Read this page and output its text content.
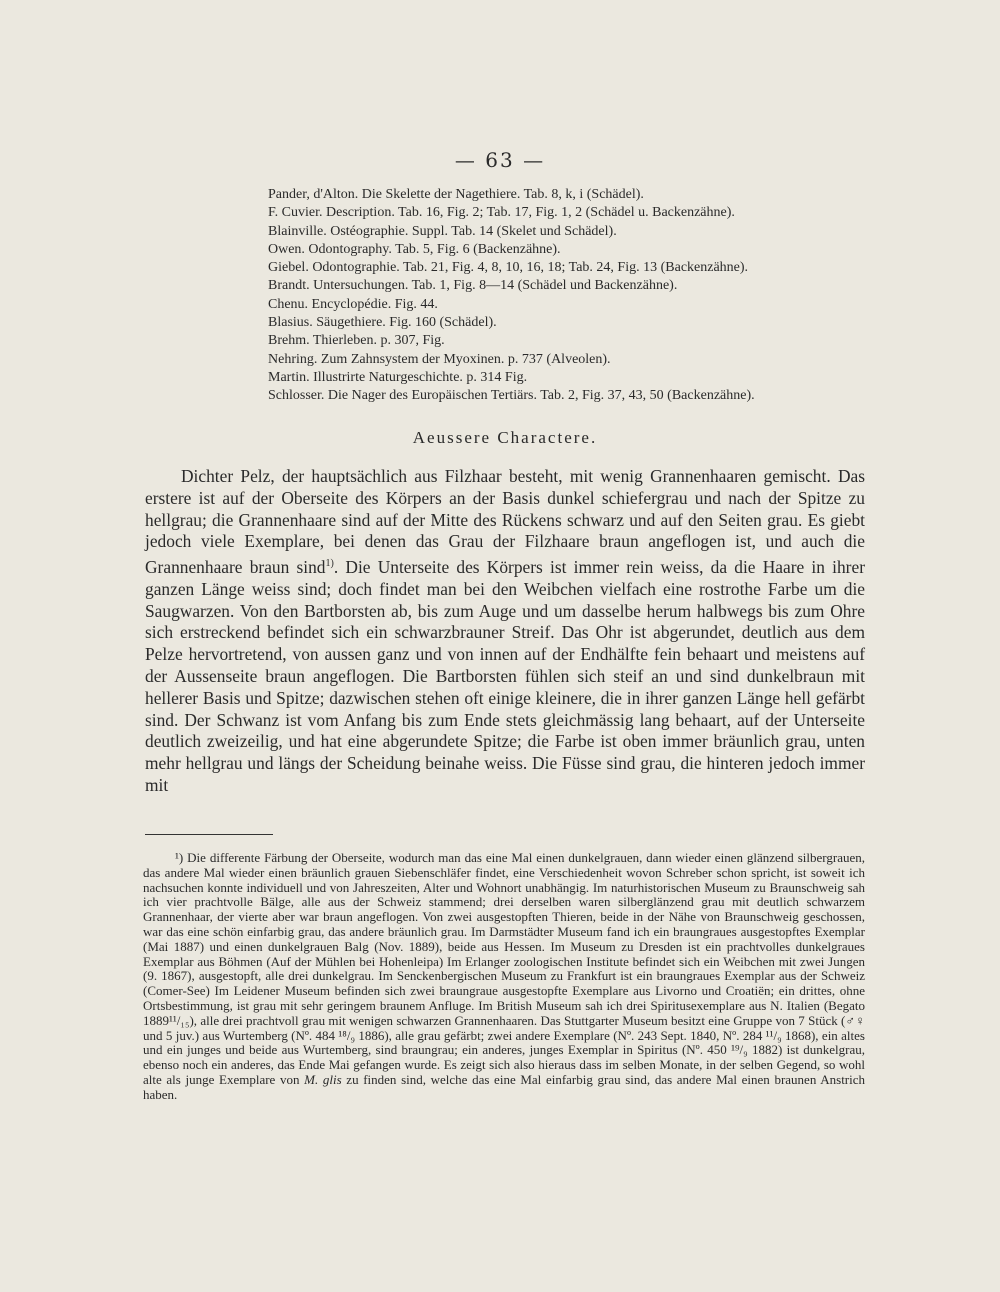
— 63 —
Pander, d'Alton. Die Skelette der Nagethiere. Tab. 8, k, i (Schädel).
F. Cuvier. Description. Tab. 16, Fig. 2; Tab. 17, Fig. 1, 2 (Schädel u. Backenzähne).
Blainville. Ostéographie. Suppl. Tab. 14 (Skelet und Schädel).
Owen. Odontography. Tab. 5, Fig. 6 (Backenzähne).
Giebel. Odontographie. Tab. 21, Fig. 4, 8, 10, 16, 18; Tab. 24, Fig. 13 (Backenzähne).
Brandt. Untersuchungen. Tab. 1, Fig. 8—14 (Schädel und Backenzähne).
Chenu. Encyclopédie. Fig. 44.
Blasius. Säugethiere. Fig. 160 (Schädel).
Brehm. Thierleben. p. 307, Fig.
Nehring. Zum Zahnsystem der Myoxinen. p. 737 (Alveolen).
Martin. Illustrirte Naturgeschichte. p. 314 Fig.
Schlosser. Die Nager des Europäischen Tertiärs. Tab. 2, Fig. 37, 43, 50 (Backenzähne).
Aeussere Charactere.

Dichter Pelz, der hauptsächlich aus Filzhaar besteht, mit wenig Grannenhaaren gemischt. Das erstere ist auf der Oberseite des Körpers an der Basis dunkel schiefergrau und nach der Spitze zu hellgrau; die Grannenhaare sind auf der Mitte des Rückens schwarz und auf den Seiten grau. Es giebt jedoch viele Exemplare, bei denen das Grau der Filzhaare braun angeflogen ist, und auch die Grannenhaare braun sind$^{1)}$. Die Unterseite des Körpers ist immer rein weiss, da die Haare in ihrer ganzen Länge weiss sind; doch findet man bei den Weibchen vielfach eine rostrothe Farbe um die Saugwarzen. Von den Bartborsten ab, bis zum Auge und um dasselbe herum halbwegs bis zum Ohre sich erstreckend befindet sich ein schwarzbrauner Streif. Das Ohr ist abgerundet, deutlich aus dem Pelze hervortretend, von aussen ganz und von innen auf der Endhälfte fein behaart und meistens auf der Aussenseite braun angeflogen. Die Bartborsten fühlen sich steif an und sind dunkelbraun mit hellerer Basis und Spitze; dazwischen stehen oft einige kleinere, die in ihrer ganzen Länge hell gefärbt sind. Der Schwanz ist vom Anfang bis zum Ende stets gleichmässig lang behaart, auf der Unterseite deutlich zweizeilig, und hat eine abgerundete Spitze; die Farbe ist oben immer bräunlich grau, unten mehr hellgrau und längs der Scheidung beinahe weiss. Die Füsse sind grau, die hinteren jedoch immer mit

¹) Die differente Färbung der Oberseite, wodurch man das eine Mal einen dunkelgrauen, dann wieder einen glänzend silbergrauen, das andere Mal wieder einen bräunlich grauen Siebenschläfer findet, eine Verschiedenheit wovon Schreber schon spricht, ist soweit ich nachsuchen konnte individuell und von Jahreszeiten, Alter und Wohnort unabhängig. Im naturhistorischen Museum zu Braunschweig sah ich vier prachtvolle Bälge, alle aus der Schweiz stammend; drei derselben waren silberglänzend grau mit deutlich schwarzem Grannenhaar, der vierte aber war braun angeflogen. Von zwei ausgestopften Thieren, beide in der Nähe von Braunschweig geschossen, war das eine schön einfarbig grau, das andere bräunlich grau. Im Darmstädter Museum fand ich ein braungraues ausgestopftes Exemplar (Mai 1887) und einen dunkelgrauen Balg (Nov. 1889), beide aus Hessen. Im Museum zu Dresden ist ein prachtvolles dunkelgraues Exemplar aus Böhmen (Auf der Mühlen bei Hohenleipa) Im Erlanger zoologischen Institute befindet sich ein Weibchen mit zwei Jungen (9. 1867), ausgestopft, alle drei dunkelgrau. Im Senckenbergischen Museum zu Frankfurt ist ein braungraues Exemplar aus der Schweiz (Comer-See) Im Leidener Museum befinden sich zwei braungraue ausgestopfte Exemplare aus Livorno und Croatiën; ein drittes, ohne Ortsbestimmung, ist grau mit sehr geringem braunem Anfluge. Im British Museum sah ich drei Spiritusexemplare aus N. Italien (Begato 1889¹¹/₁₅), alle drei prachtvoll grau mit wenigen schwarzen Grannenhaaren. Das Stuttgarter Museum besitzt eine Gruppe von 7 Stück (♂♀ und 5 juv.) aus Wurtemberg (Nº. 484 ¹⁸/₉ 1886), alle grau gefärbt; zwei andere Exemplare (Nº. 243 Sept. 1840, Nº. 284 ¹¹/₉ 1868), ein altes und ein junges und beide aus Wurtemberg, sind braungrau; ein anderes, junges Exemplar in Spiritus (Nº. 450 ¹⁹/₉ 1882) ist dunkelgrau, ebenso noch ein anderes, das Ende Mai gefangen wurde. Es zeigt sich also hieraus dass im selben Monate, in der selben Gegend, so wohl alte als junge Exemplare von M. glis zu finden sind, welche das eine Mal einfarbig grau sind, das andere Mal einen braunen Anstrich haben.
